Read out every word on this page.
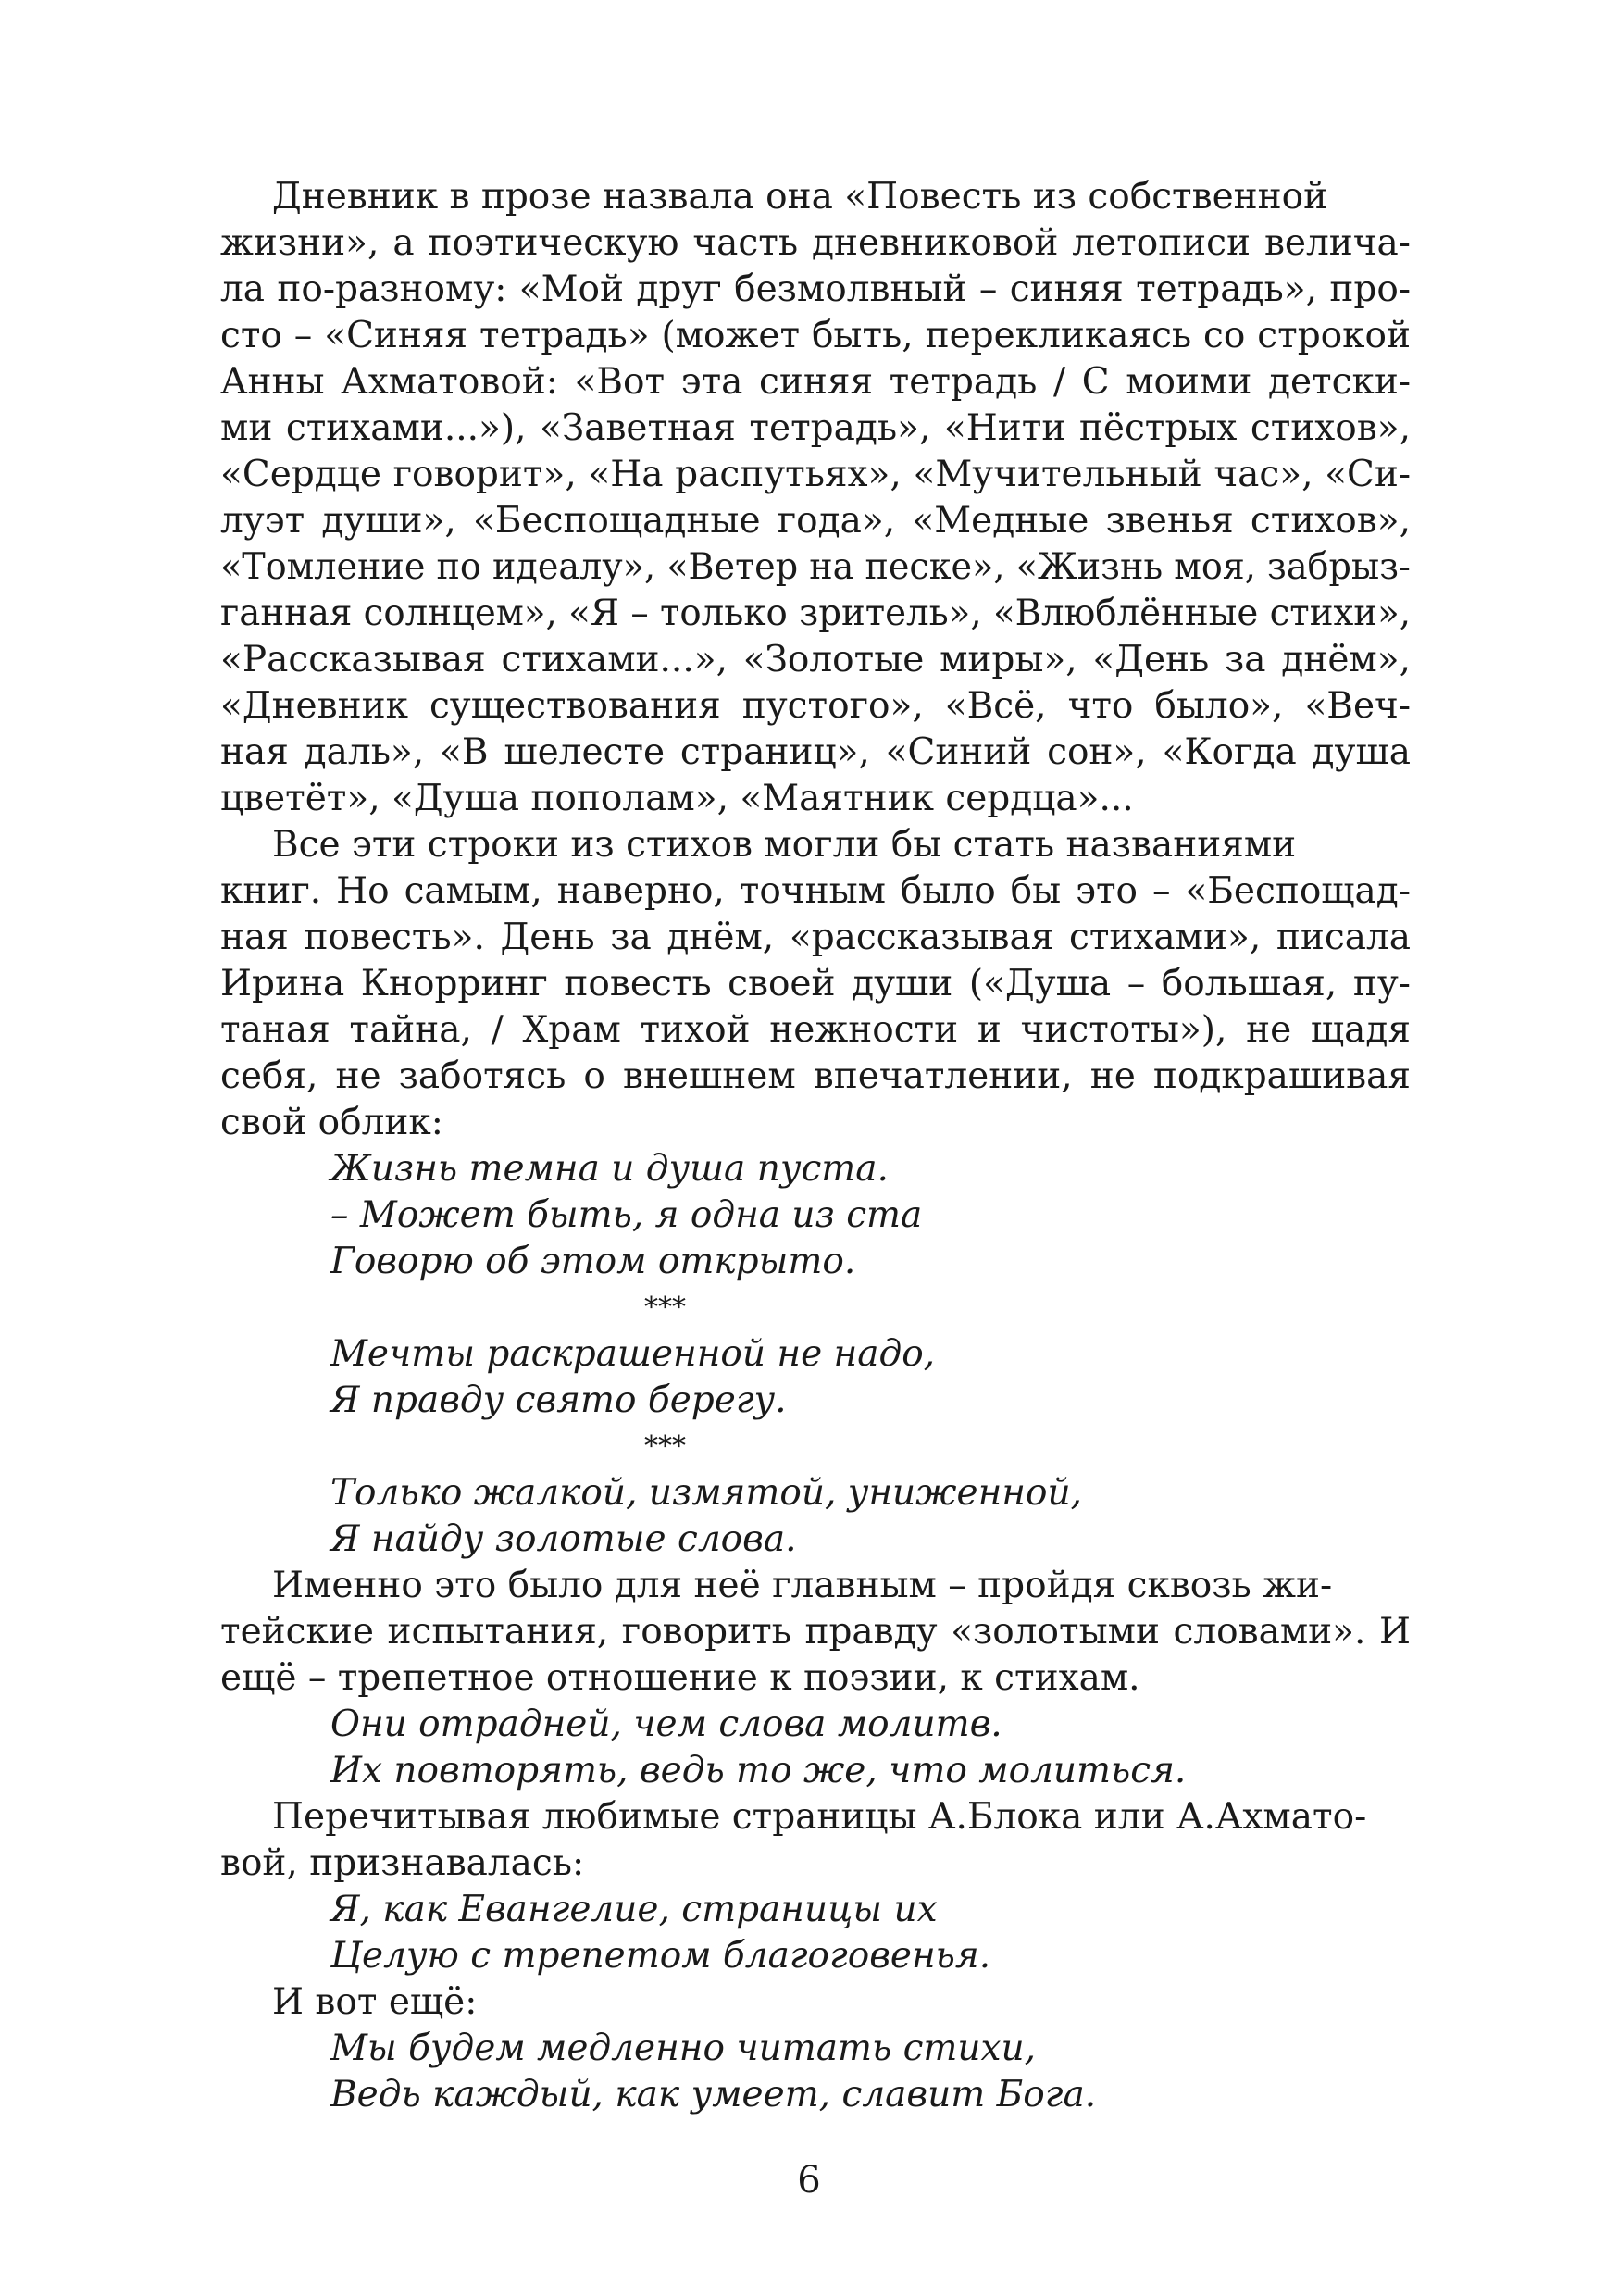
Дневник в прозе назвала она «Повесть из собственной
жизни», а поэтическую часть дневниковой летописи велича-
ла по-разному: «Мой друг безмолвный – синяя тетрадь», про-
сто – «Синяя тетрадь» (может быть, перекликаясь со строкой
Анны Ахматовой: «Вот эта синяя тетрадь / С моими детски-
ми стихами...»), «Заветная тетрадь», «Нити пёстрых стихов»,
«Сердце говорит», «На распутьях», «Мучительный час», «Си-
луэт души», «Беспощадные года», «Медные звенья стихов»,
«Томление по идеалу», «Ветер на песке», «Жизнь моя, забрыз-
ганная солнцем», «Я – только зритель», «Влюблённые стихи»,
«Рассказывая стихами...», «Золотые миры», «День за днём»,
«Дневник существования пустого», «Всё, что было», «Веч-
ная даль», «В шелесте страниц», «Синий сон», «Когда душа
цветёт», «Душа пополам», «Маятник сердца»...
Все эти строки из стихов могли бы стать названиями
книг. Но самым, наверно, точным было бы это – «Беспощад-
ная повесть». День за днём, «рассказывая стихами», писала
Ирина Кнорринг повесть своей души («Душа – большая, пу-
таная тайна, / Храм тихой нежности и чистоты»), не щадя
себя, не заботясь о внешнем впечатлении, не подкрашивая
свой облик:
Жизнь темна и душа пуста.
– Может быть, я одна из ста
Говорю об этом открыто.
***
Мечты раскрашенной не надо,
Я правду свято берегу.
***
Только жалкой, измятой, униженной,
Я найду золотые слова.
Именно это было для неё главным – пройдя сквозь жи-
тейские испытания, говорить правду «золотыми словами». И
ещё – трепетное отношение к поэзии, к стихам.
Они отрадней, чем слова молитв.
Их повторять, ведь то же, что молиться.
Перечитывая любимые страницы А.Блока или А.Ахмато-
вой, признавалась:
Я, как Евангелие, страницы их
Целую с трепетом благоговенья.
И вот ещё:
Мы будем медленно читать стихи,
Ведь каждый, как умеет, славит Бога.
6
